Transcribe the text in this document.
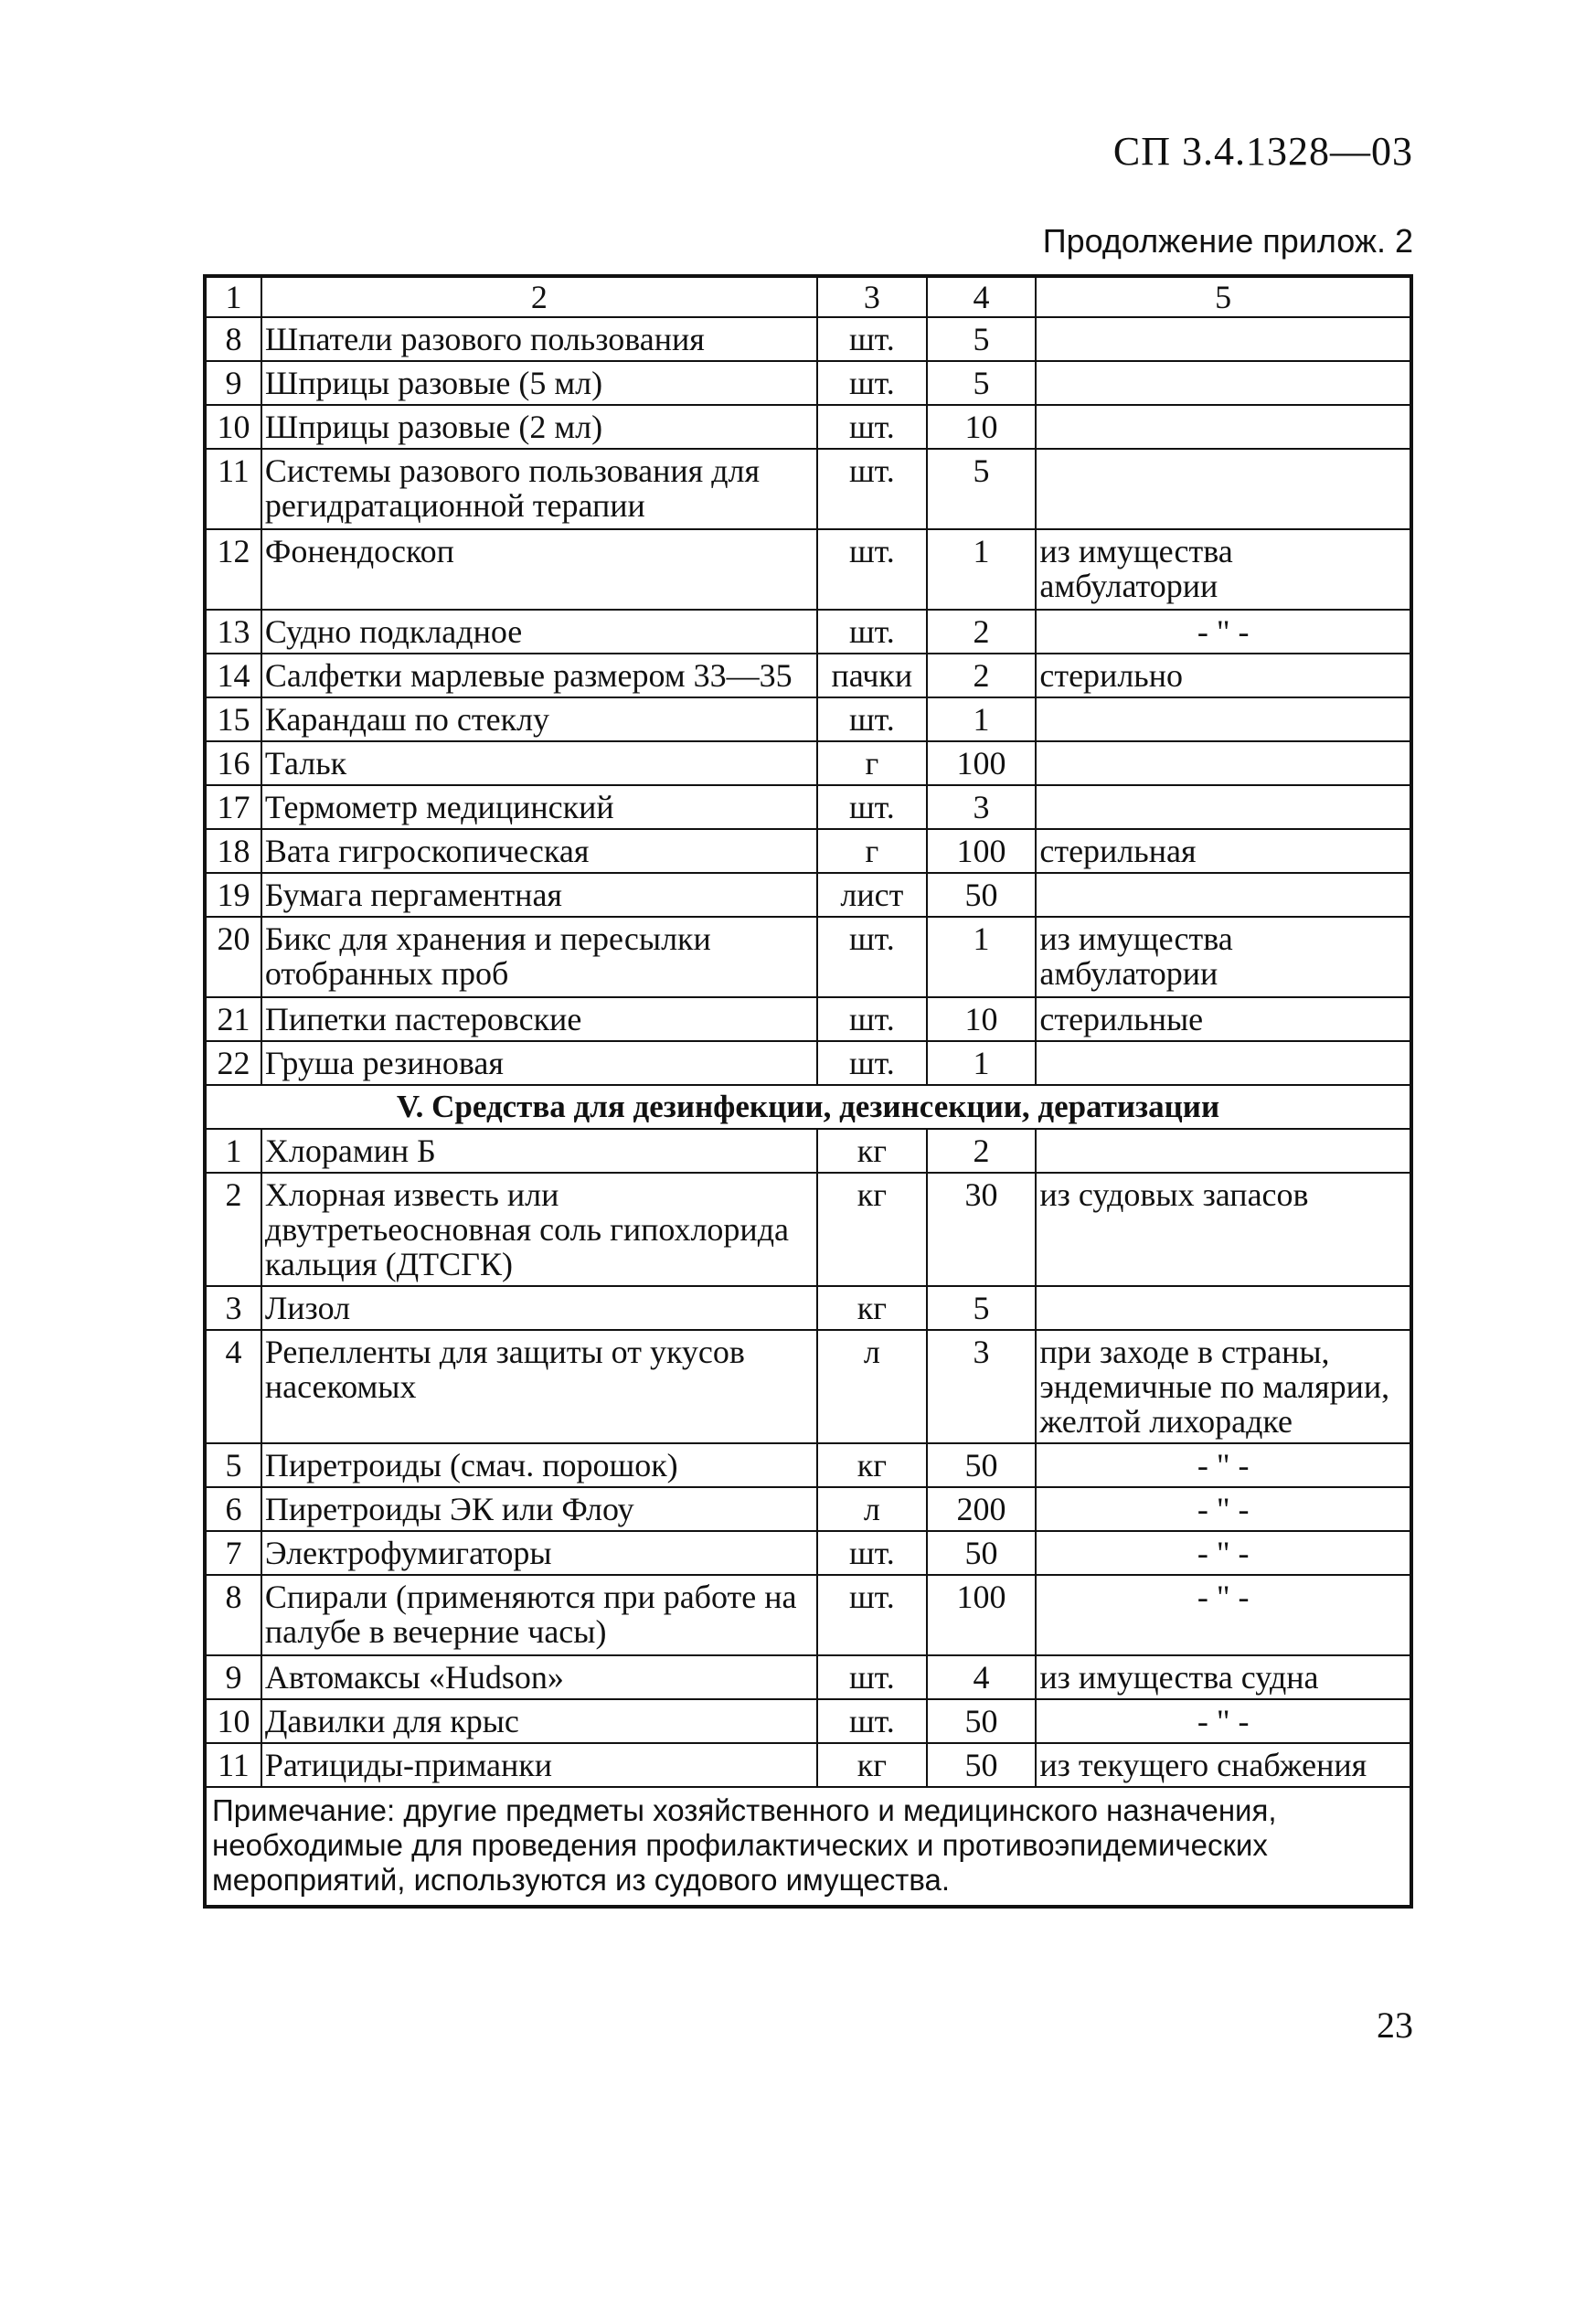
СП 3.4.1328—03
Продолжение прилож. 2
1	2	3	4	5
8	Шпатели разового пользования	шт.	5	
9	Шприцы разовые (5 мл)	шт.	5	
10	Шприцы разовые (2 мл)	шт.	10	
11	Системы разового пользования для регидратационной терапии	шт.	5	
12	Фонендоскоп	шт.	1	из имущества амбулатории
13	Судно подкладное	шт.	2	- " -
14	Салфетки марлевые размером 33—35	пачки	2	стерильно
15	Карандаш по стеклу	шт.	1	
16	Тальк	г	100	
17	Термометр медицинский	шт.	3	
18	Вата гигроскопическая	г	100	стерильная
19	Бумага пергаментная	лист	50	
20	Бикс для хранения и пересылки отобранных проб	шт.	1	из имущества амбулатории
21	Пипетки пастеровские	шт.	10	стерильные
22	Груша резиновая	шт.	1	
V. Средства для дезинфекции, дезинсекции, дератизации				
1	Хлорамин Б	кг	2	
2	Хлорная известь или двутретьеосновная соль гипохлорида кальция (ДТСГК)	кг	30	из судовых запасов
3	Лизол	кг	5	
4	Репелленты для защиты от укусов насекомых	л	3	при заходе в страны, эндемичные по малярии, желтой лихорадке
5	Пиретроиды (смач. порошок)	кг	50	- " -
6	Пиретроиды ЭК или Флоу	л	200	- " -
7	Электрофумигаторы	шт.	50	- " -
8	Спирали (применяются при работе на палубе в вечерние часы)	шт.	100	- " -
9	Автомаксы «Hudson»	шт.	4	из имущества судна
10	Давилки для крыс	шт.	50	- " -
11	Ратициды-приманки	кг	50	из текущего снабжения
Примечание: другие предметы хозяйственного и медицинского назначения, необходимые для проведения профилактических и противоэпидемических мероприятий, используются из судового имущества.				
23
